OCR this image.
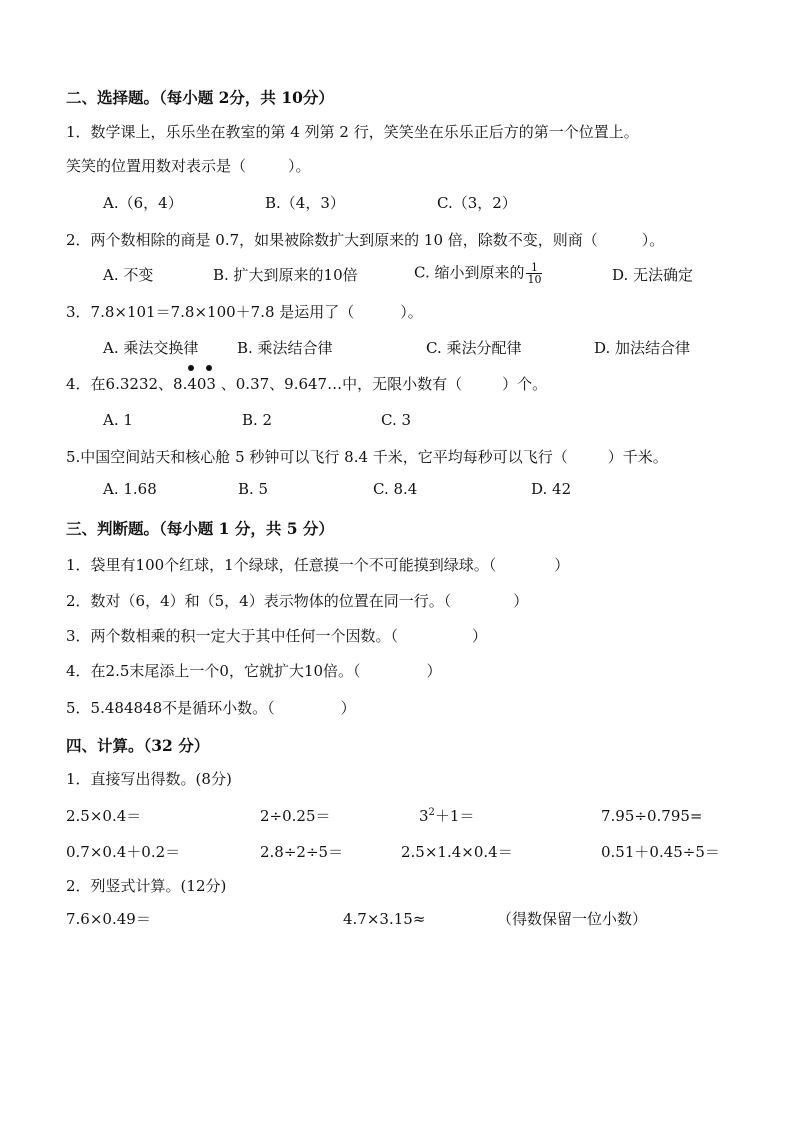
二、选择题。（每小题 2分，共 10分）
1．数学课上，乐乐坐在教室的第 4 列第 2 行，笑笑坐在乐乐正后方的第一个位置上。
笑笑的位置用数对表示是（	）。
A.（6，4）	B.（4，3）	C.（3，2）
2．两个数相除的商是 0.7，如果被除数扩大到原来的 10 倍，除数不变，则商（	）。
A. 不变	B. 扩大到原来的10倍	C. 缩小到原来的 $\frac{1}{10}$	D. 无法确定
3．7.8×101＝7.8×100＋7.8 是运用了（	）。
A. 乘法交换律	B. 乘法结合律	C. 乘法分配律	D. 加法结合律
4．在6.3232、8.403
、0.37、9.647…中，无限小数有（	）个。
A. 1	B. 2	C. 3
5.中国空间站天和核心舱 5 秒钟可以飞行 8.4 千米，它平均每秒可以飞行（	）千米。
A. 1.68	B. 5	C. 8.4	D. 42
三、判断题。（每小题 1 分，共 5 分）
1．袋里有100个红球，1个绿球，任意摸一个不可能摸到绿球。（	）
2．数对（6，4）和（5，4）表示物体的位置在同一行。（	）
3．两个数相乘的积一定大于其中任何一个因数。（	）
4．在2.5末尾添上一个0，它就扩大10倍。（	）
5．5.484848不是循环小数。（	）
四、计算。（32 分）
1．直接写出得数。(8分)
2.5×0.4＝	2÷0.25＝	$3^2+1=$	7.95÷0.795=
0.7×0.4＋0.2＝	2.8÷2÷5＝	2.5×1.4×0.4＝	0.51＋0.45÷5＝
2．列竖式计算。(12分)
7.6×0.49＝	4.7×3.15≈	（得数保留一位小数）
